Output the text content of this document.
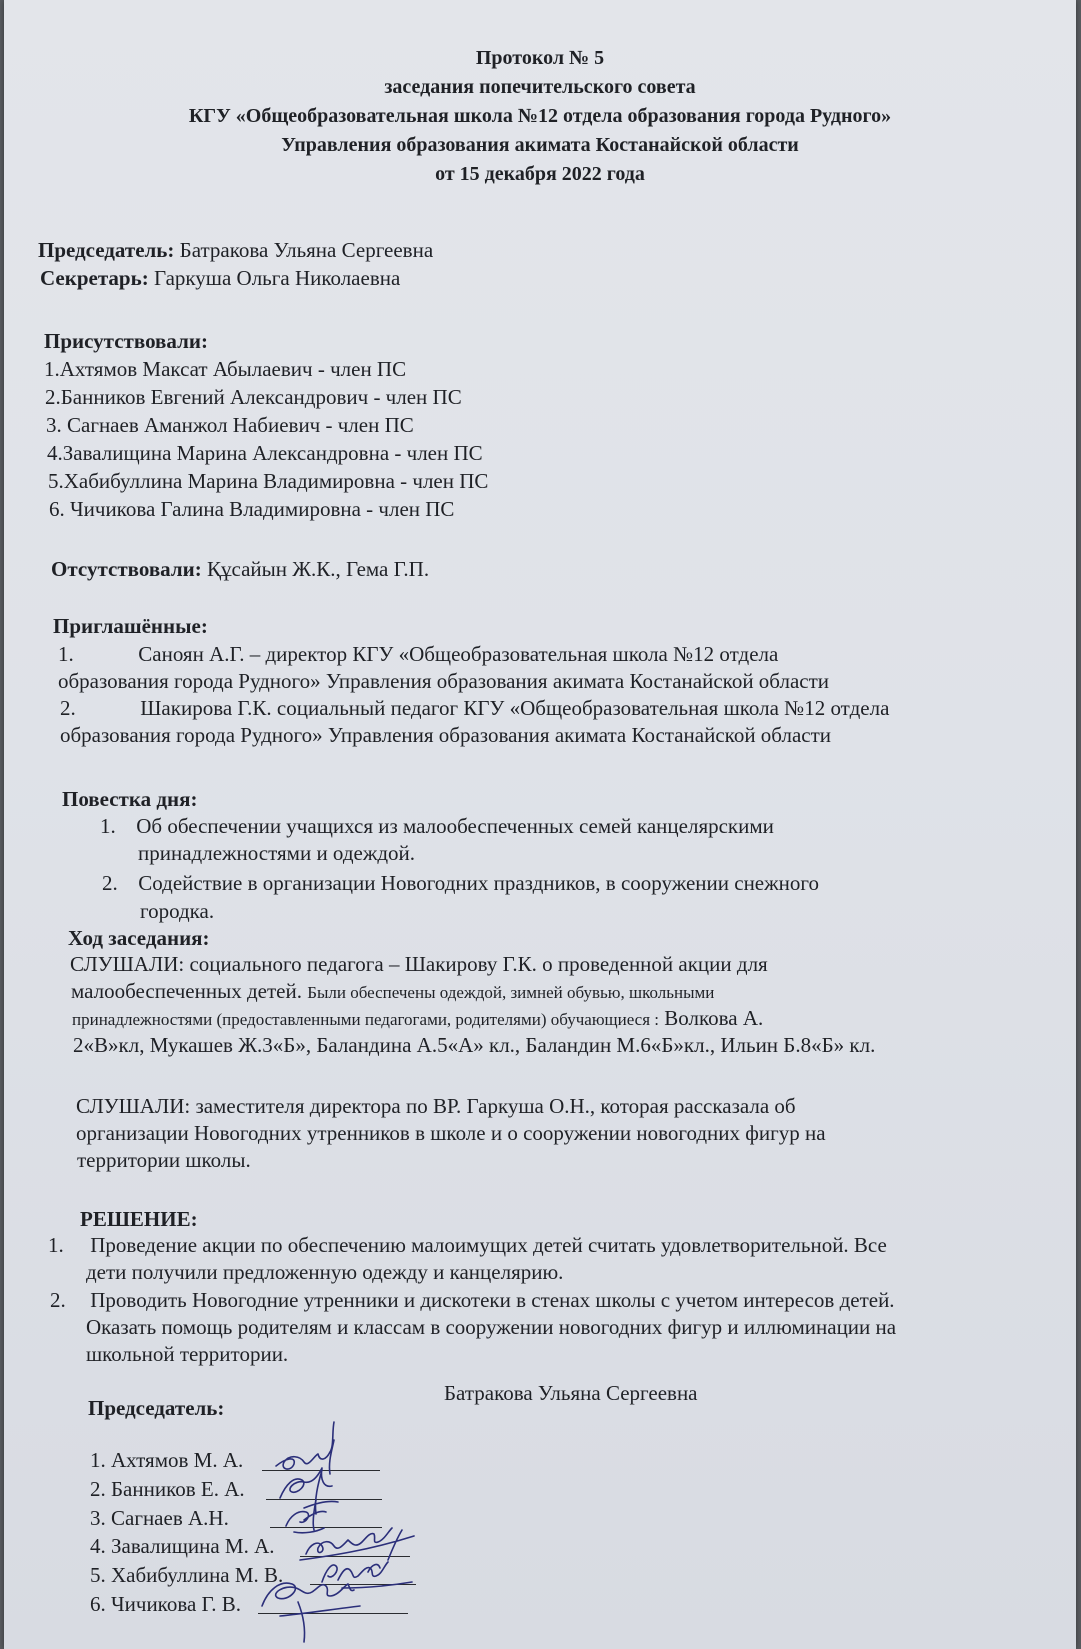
Протокол № 5
заседания попечительского совета
КГУ «Общеобразовательная школа №12 отдела образования города Рудного»
Управления образования акимата Костанайской области
от 15 декабря 2022 года
Председатель: Батракова Ульяна Сергеевна
Секретарь: Гаркуша Ольга Николаевна
Присутствовали:
1.Ахтямов Максат Абылаевич - член ПС
2.Банников Евгений Александрович - член ПС
3. Сагнаев Аманжол Набиевич - член ПС
4.Завалищина Марина Александровна - член ПС
5.Хабибуллина Марина Владимировна - член ПС
6. Чичикова Галина Владимировна - член ПС
Отсутствовали: Құсайын Ж.К., Гема Г.П.
Приглашённые:
1.	Саноян А.Г. – директор КГУ «Общеобразовательная школа №12 отдела
образования города Рудного» Управления образования акимата Костанайской области
2.	Шакирова Г.К. социальный педагог КГУ «Общеобразовательная школа №12 отдела
образования города Рудного» Управления образования акимата Костанайской области
Повестка дня:
1. Об обеспечении учащихся из малообеспеченных семей канцелярскими
принадлежностями и одеждой.
2. Содействие в организации Новогодних праздников, в сооружении снежного
городка.
Ход заседания:
СЛУШАЛИ: социального педагога – Шакирову Г.К. о проведенной акции для
малообеспеченных детей. Были обеспечены одеждой, зимней обувью, школьными
принадлежностями (предоставленными педагогами, родителями) обучающиеся : Волкова А.
2«В»кл, Мукашев Ж.3«Б», Баландина А.5«А» кл., Баландин М.6«Б»кл., Ильин Б.8«Б» кл.
СЛУШАЛИ: заместителя директора по ВР. Гаркуша О.Н., которая рассказала об
организации Новогодних утренников в школе и о сооружении новогодних фигур на
территории школы.
РЕШЕНИЕ:
1. Проведение акции по обеспечению малоимущих детей считать удовлетворительной. Все
дети получили предложенную одежду и канцелярию.
2. Проводить Новогодние утренники и дискотеки в стенах школы с учетом интересов детей.
Оказать помощь родителям и классам в сооружении новогодних фигур и иллюминации на
школьной территории.
Батракова Ульяна Сергеевна
Председатель:
1. Ахтямов М. А.
2. Банников Е. А.
3. Сагнаев А.Н.
4. Завалищина М. А.
5. Хабибуллина М. В.
6. Чичикова Г. В.
